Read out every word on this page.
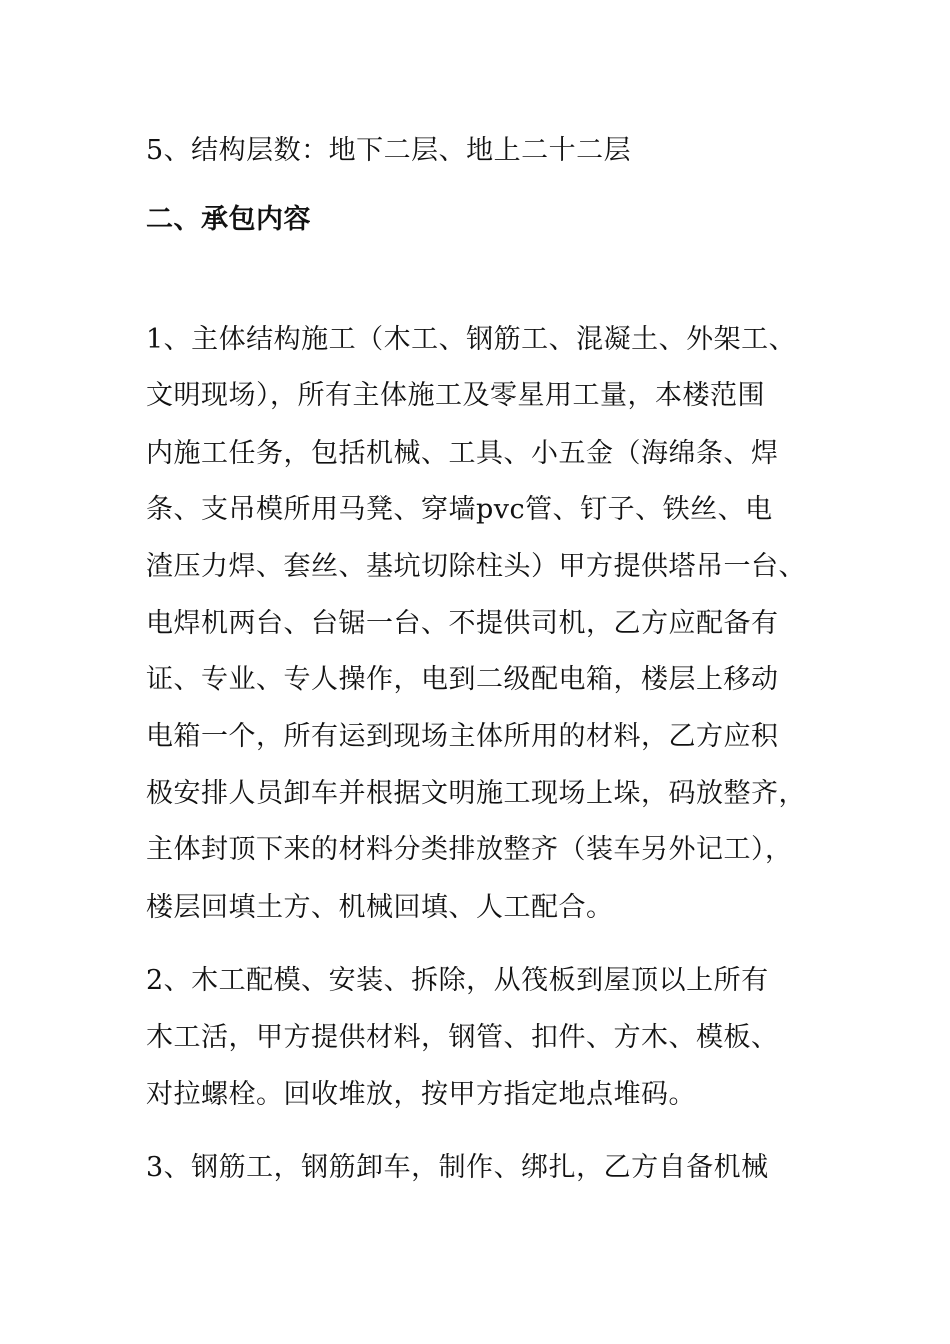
5、结构层数：地下二层、地上二十二层
二、承包内容
1、主体结构施工（木工、钢筋工、混凝土、外架工、
文明现场），所有主体施工及零星用工量，本楼范围
内施工任务，包括机械、工具、小五金（海绵条、焊
条、支吊模所用马凳、穿墙pvc管、钉子、铁丝、电
渣压力焊、套丝、基坑切除柱头）甲方提供塔吊一台、
电焊机两台、台锯一台、不提供司机，乙方应配备有
证、专业、专人操作，电到二级配电箱，楼层上移动
电箱一个，所有运到现场主体所用的材料，乙方应积
极安排人员卸车并根据文明施工现场上垛，码放整齐，
主体封顶下来的材料分类排放整齐（装车另外记工），
楼层回填土方、机械回填、人工配合。
2、木工配模、安装、拆除，从筏板到屋顶以上所有
木工活，甲方提供材料，钢管、扣件、方木、模板、
对拉螺栓。回收堆放，按甲方指定地点堆码。
3、钢筋工，钢筋卸车，制作、绑扎，乙方自备机械
